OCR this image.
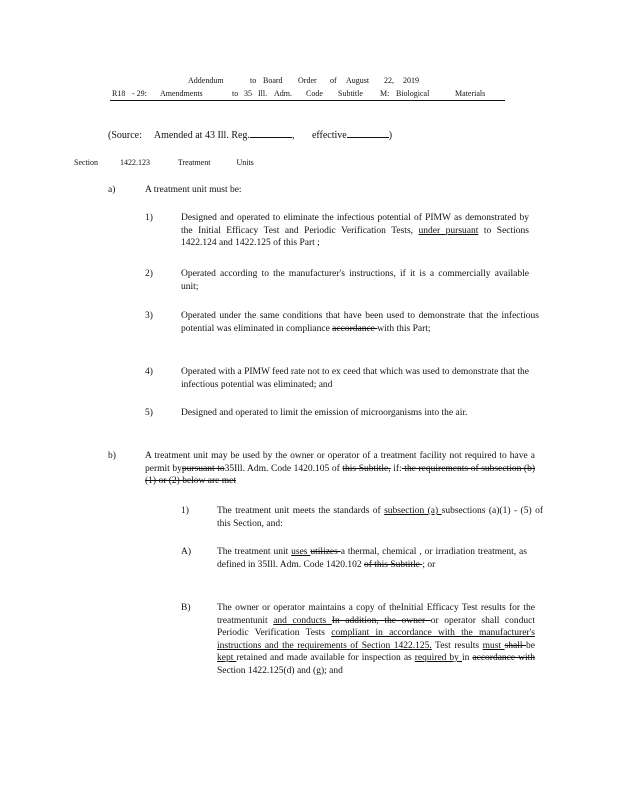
Addendum	to Board Order of August 22, 2019
R18 - 29: Amendments	to 35 Ill. Adm. Code Subtitle M: Biological	Materials
(Source: Amended at 43 Ill. Reg.	, effective	)
Section	1422.123	Treatment	Units
a)	A treatment unit must be:
1)	Designed and operated to eliminate the infectious potential of PIMW as demonstrated by the Initial Efficacy Test and Periodic Verification Tests, under pursuant to Sections 1422.124 and 1422.125 of this Part ;
2)	Operated according to the manufacturer's instructions, if it is a commercially available unit;
3)	Operated under the same conditions that have been used to demonstrate that the infectious potential was eliminated in compliance accordance with this Part;
4)	Operated with a PIMW feed rate not to ex ceed that which was used to demonstrate that the infectious potential was eliminated; and
5)	Designed and operated to limit the emission of microorganisms into the air.
b)	A treatment unit may be used by the owner or operator of a treatment facility not required to have a permit bypursuant to35Ill. Adm. Code 1420.105 of this Subtitle, if: the requirements of subsection (b)(1) or (2) below are met
1)	The treatment unit meets the standards of subsection (a) subsections (a)(1) - (5) of this Section, and:
A)	The treatment unit uses utilizes a thermal, chemical , or irradiation treatment, as defined in 35Ill. Adm. Code 1420.102 of this Subtitle ; or
B)	The owner or operator maintains a copy of theInitial Efficacy Test results for the treatmentunit and conducts In addition, the owner or operator shall conduct Periodic Verification Tests compliant in accordance with the manufacturer's instructions and the requirements of Section 1422.125. Test results must shall be kept retained and made available for inspection as required by in accordance with Section 1422.125(d) and (g); and
